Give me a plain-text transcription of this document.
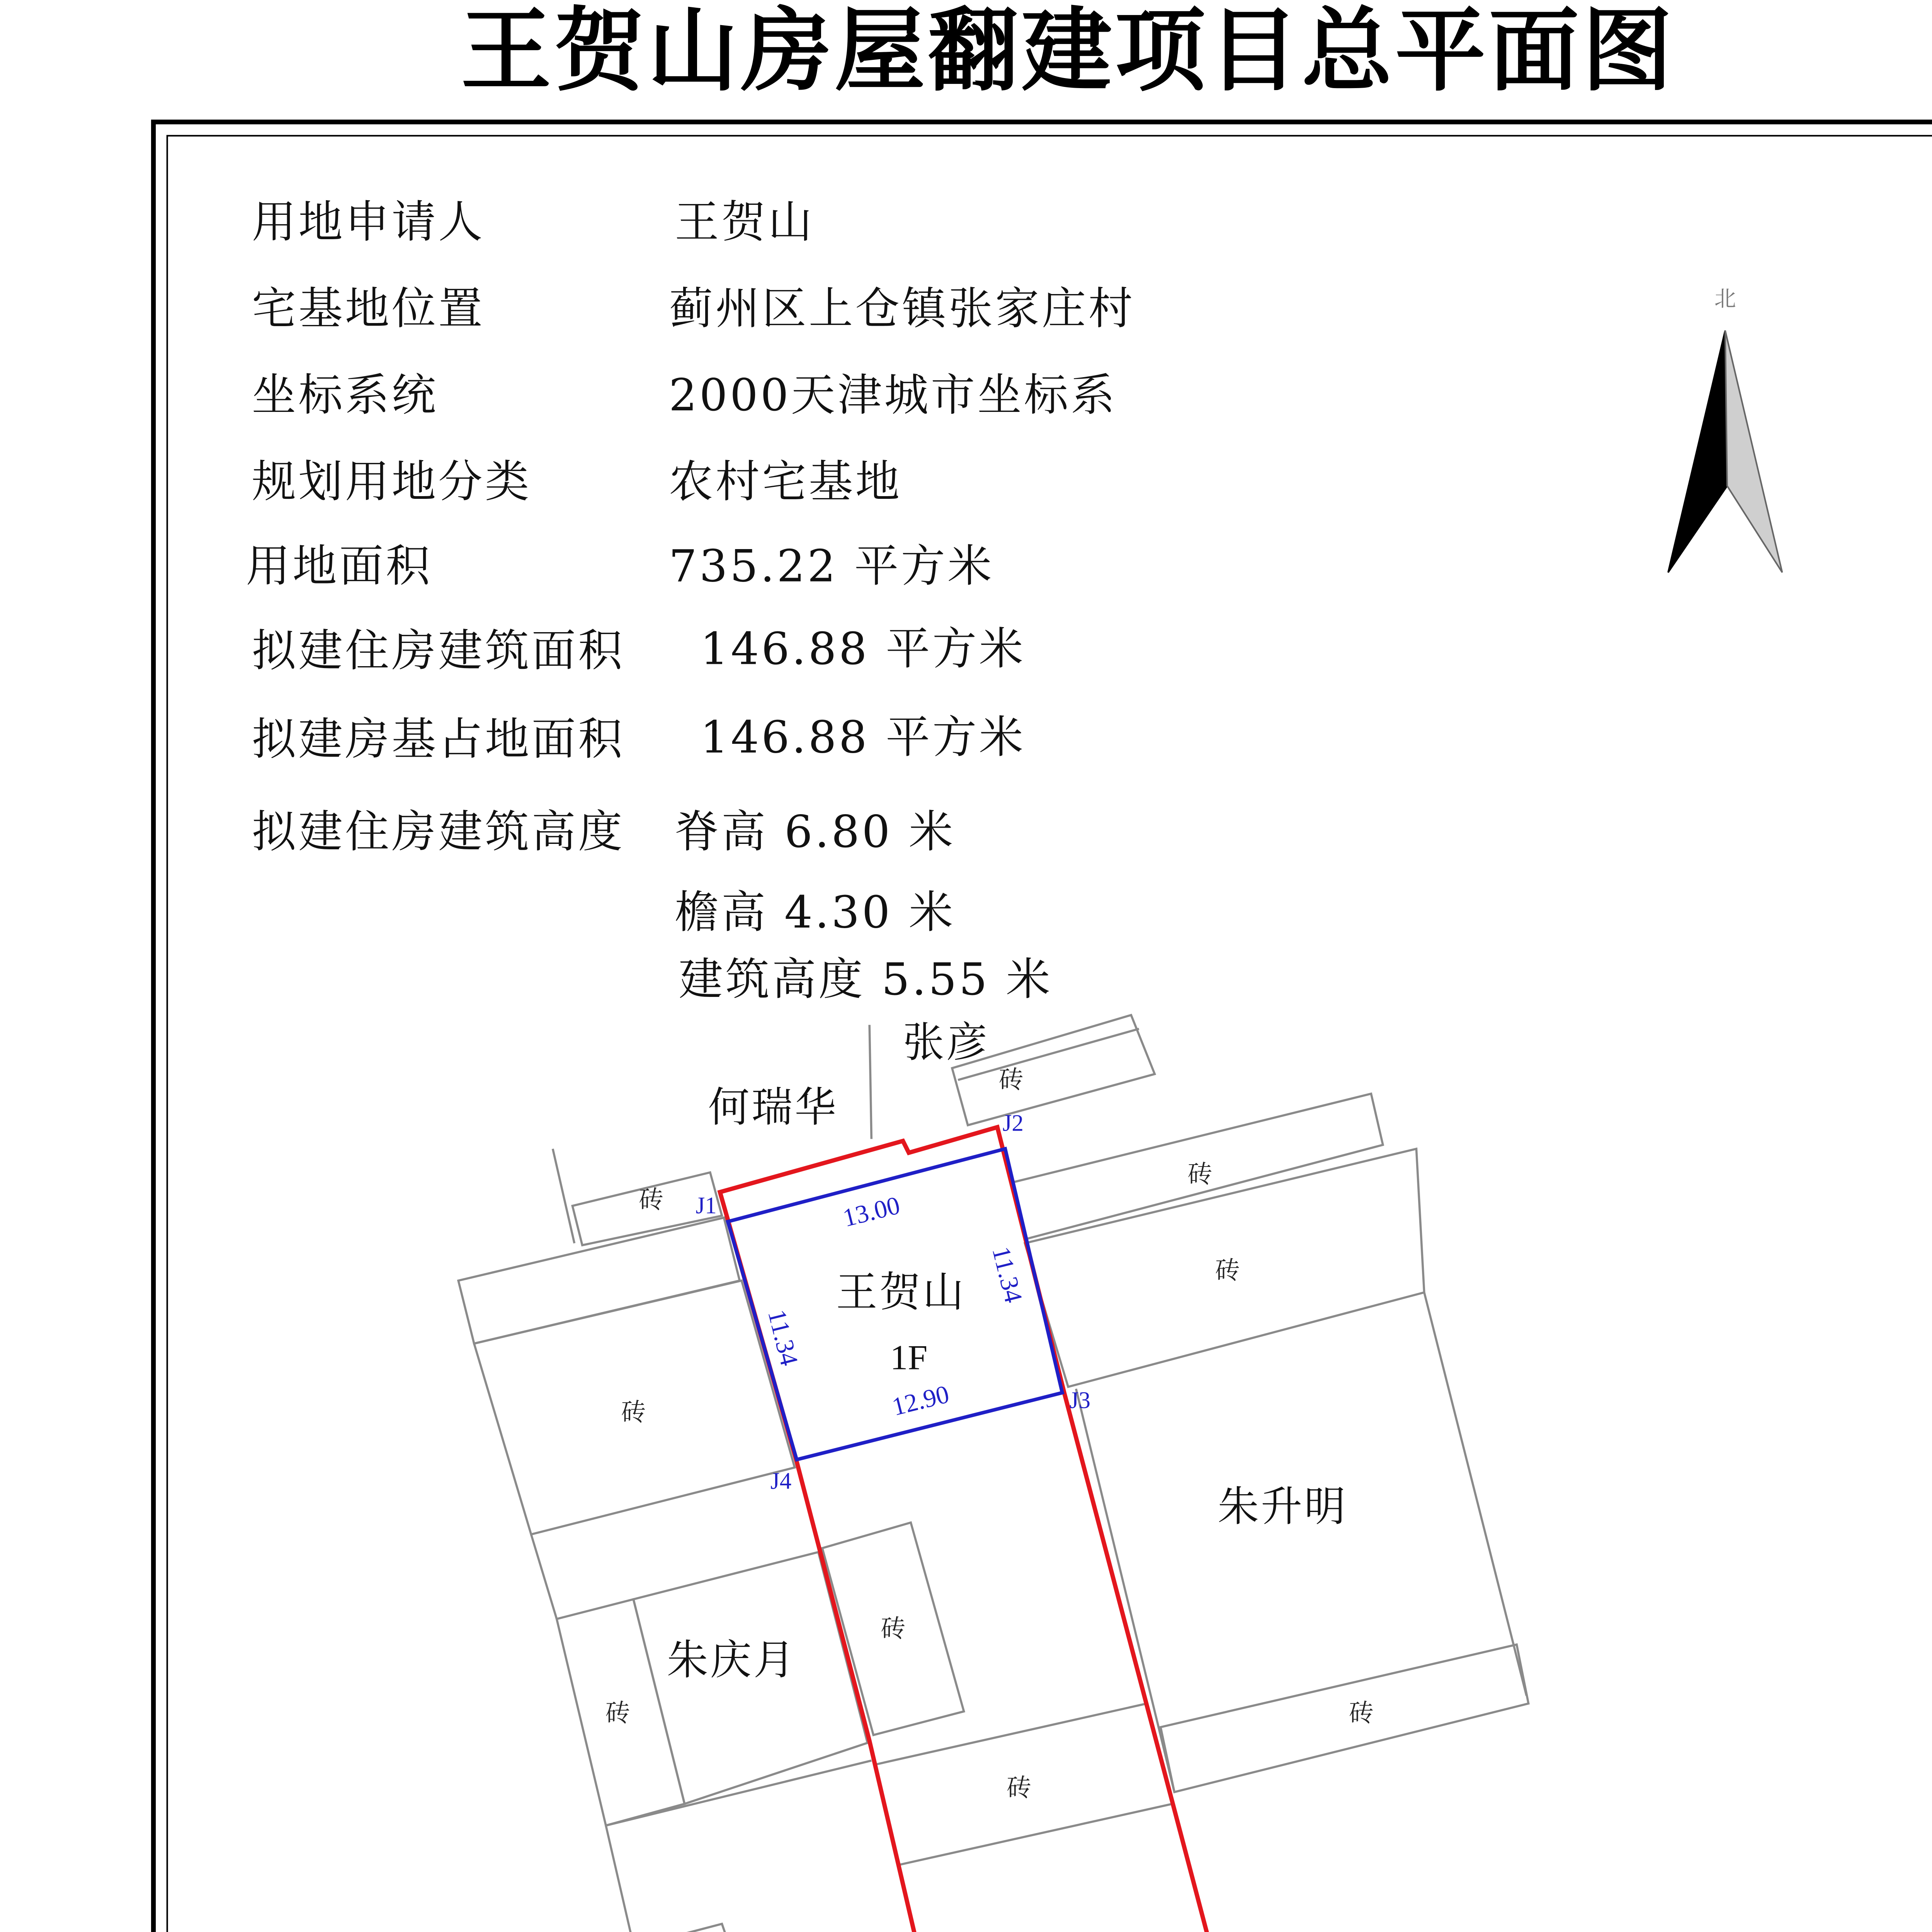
王贺山房屋翻建项目总平面图
用地申请人	王贺山
宅基地位置	蓟州区上仓镇张家庄村
坐标系统	2000天津城市坐标系
规划用地分类	农村宅基地
用地面积	735.22 平方米
拟建住房建筑面积	146.88 平方米
拟建房基占地面积	146.88 平方米
拟建住房建筑高度	脊高 6.80 米
檐高 4.30 米
建筑高度 5.55 米
北
张彦
何瑞华
朱升明
朱庆月
王贺山
1F
J1
J2
J3
J4
13.00
11.34
11.34
12.90
砖
砖
砖
砖
砖
砖
砖
砖
砖
